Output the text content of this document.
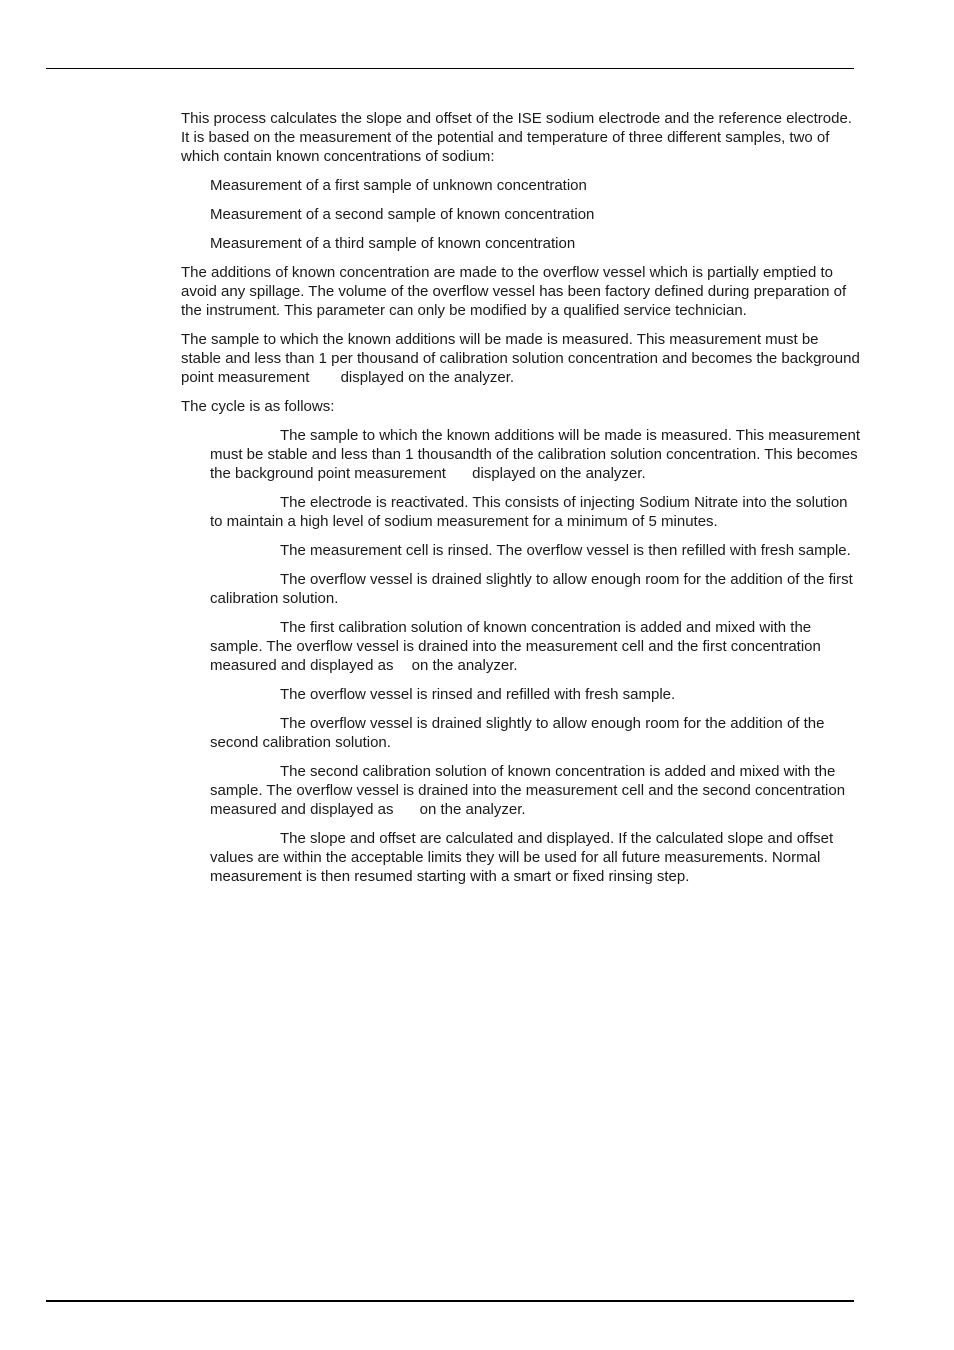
This process calculates the slope and offset of the ISE sodium electrode and the reference electrode. It is based on the measurement of the potential and temperature of three different samples, two of which contain known concentrations of sodium:

Measurement of a first sample of unknown concentration

Measurement of a second sample of known concentration

Measurement of a third sample of known concentration

The additions of known concentration are made to the overflow vessel which is partially emptied to avoid any spillage. The volume of the overflow vessel has been factory defined during preparation of the instrument. This parameter can only be modified by a qualified service technician.

The sample to which the known additions will be made is measured. This measurement must be stable and less than 1 per thousand of calibration solution concentration and becomes the background point measurement displayed on the analyzer.

The cycle is as follows:

The sample to which the known additions will be made is measured. This measurement must be stable and less than 1 thousandth of the calibration solution concentration. This becomes the background point measurement displayed on the analyzer.

The electrode is reactivated. This consists of injecting Sodium Nitrate into the solution to maintain a high level of sodium measurement for a minimum of 5 minutes.

The measurement cell is rinsed. The overflow vessel is then refilled with fresh sample.

The overflow vessel is drained slightly to allow enough room for the addition of the first calibration solution.

The first calibration solution of known concentration is added and mixed with the sample. The overflow vessel is drained into the measurement cell and the first concentration measured and displayed as on the analyzer.

The overflow vessel is rinsed and refilled with fresh sample.

The overflow vessel is drained slightly to allow enough room for the addition of the second calibration solution.

The second calibration solution of known concentration is added and mixed with the sample. The overflow vessel is drained into the measurement cell and the second concentration measured and displayed as on the analyzer.

The slope and offset are calculated and displayed. If the calculated slope and offset values are within the acceptable limits they will be used for all future measurements. Normal measurement is then resumed starting with a smart or fixed rinsing step.
